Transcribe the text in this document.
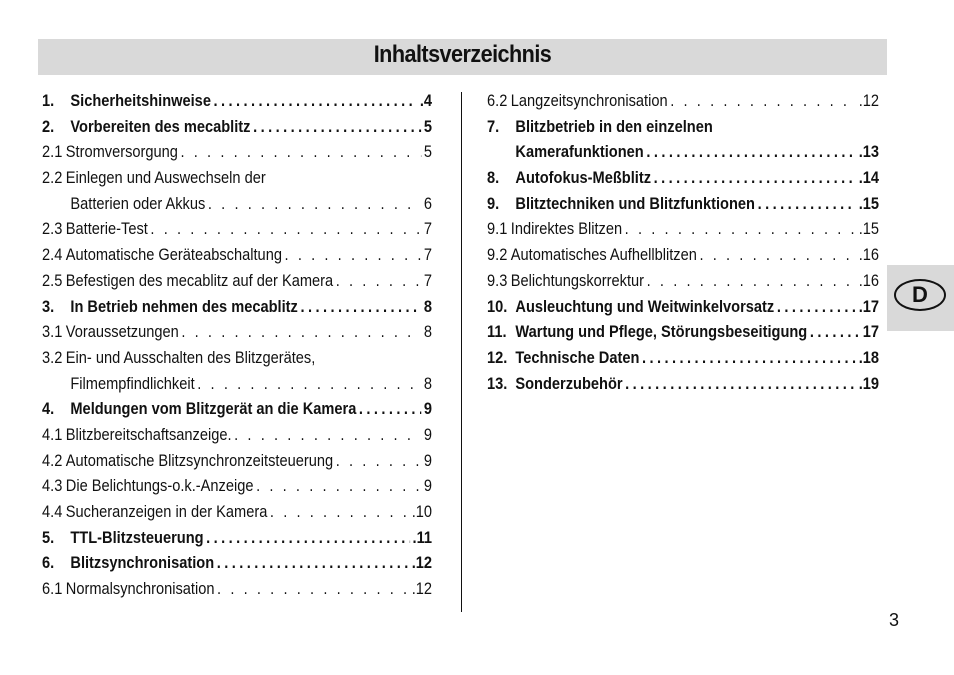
Inhaltsverzeichnis
1. Sicherheitshinweise .....	.4
2. Vorbereiten des mecablitz .....	5
2.1 Stromversorgung . . .	5
2.2 Einlegen und Auswechseln der
Batterien oder Akkus . . .	6
2.3 Batterie-Test . . .	7
2.4 Automatische Geräteabschaltung . . .	7
2.5 Befestigen des mecablitz auf der Kamera . . .	7
3. In Betrieb nehmen des mecablitz .....	8
3.1 Voraussetzungen . . .	8
3.2 Ein- und Ausschalten des Blitzgerätes,
Filmempfindlichkeit . . .	8
4. Meldungen vom Blitzgerät an die Kamera .....	9
4.1 Blitzbereitschaftsanzeige. . . .	9
4.2 Automatische Blitzsynchronzeitsteuerung . . .	9
4.3 Die Belichtungs-o.k.-Anzeige . . .	9
4.4 Sucheranzeigen in der Kamera . . .	.10
5. TTL-Blitzsteuerung .....	.11
6. Blitzsynchronisation .....	.12
6.1 Normalsynchronisation . . .	.12
6.2 Langzeitsynchronisation . . .	.12
7. Blitzbetrieb in den einzelnen
Kamerafunktionen .....	.13
8. Autofokus-Meßblitz .....	.14
9. Blitztechniken und Blitzfunktionen .....	.15
9.1 Indirektes Blitzen . . .	.15
9.2 Automatisches Aufhellblitzen . . .	.16
9.3 Belichtungskorrektur . . .	.16
10. Ausleuchtung und Weitwinkelvorsatz .....	.17
11. Wartung und Pflege, Störungsbeseitigung .....	17
12. Technische Daten .....	.18
13. Sonderzubehör .....	.19
D
3
